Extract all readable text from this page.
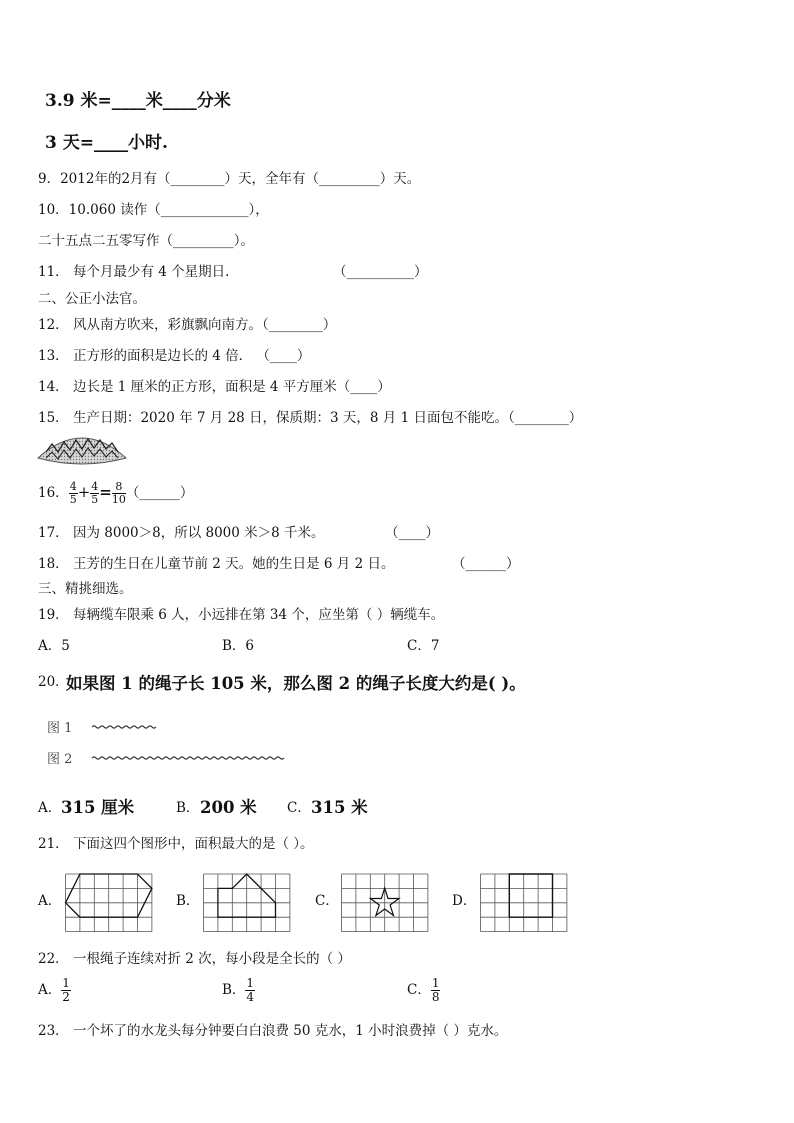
3.9 米=____米____分米
3 天=____小时.
9．2012年的2月有（________）天，全年有（_________）天。
10．10.060 读作（_____________），
二十五点二五零写作（_________）。
11． 每个月最少有 4 个星期日．	（__________）
二、公正小法官。
12． 风从南方吹来，彩旗飘向南方。（________）
13． 正方形的面积是边长的 4 倍． （____）
14． 边长是 1 厘米的正方形，面积是 4 平方厘米（____）
15． 生产日期：2020 年 7 月 28 日，保质期：3 天，8 月 1 日面包不能吃。（________）
16． $\frac{4}{5} + \frac{4}{5} = \frac{8}{10}$ （______）
17． 因为 8000＞8，所以 8000 米＞8 千米。	（____）
18． 王芳的生日在儿童节前 2 天。她的生日是 6 月 2 日。	（______）
三、精挑细选。
19． 每辆缆车限乘 6 人，小远排在第 34 个，应坐第（ ）辆缆车。
A．5	B．6	C．7
20．
如果图 1 的绳子长 105 米，那么图 2 的绳子长度大约是( )。
图 1
图 2
A． 315 厘米	B． 200 米 C． 315 米
21． 下面这四个图形中，面积最大的是（ ）。
A．	B．	C．	D．
22． 一根绳子连续对折 2 次，每小段是全长的（ ）
A． $\frac{1}{2}$	B． $\frac{1}{4}$	C． $\frac{1}{8}$
23． 一个坏了的水龙头每分钟要白白浪费 50 克水，1 小时浪费掉（ ）克水。
